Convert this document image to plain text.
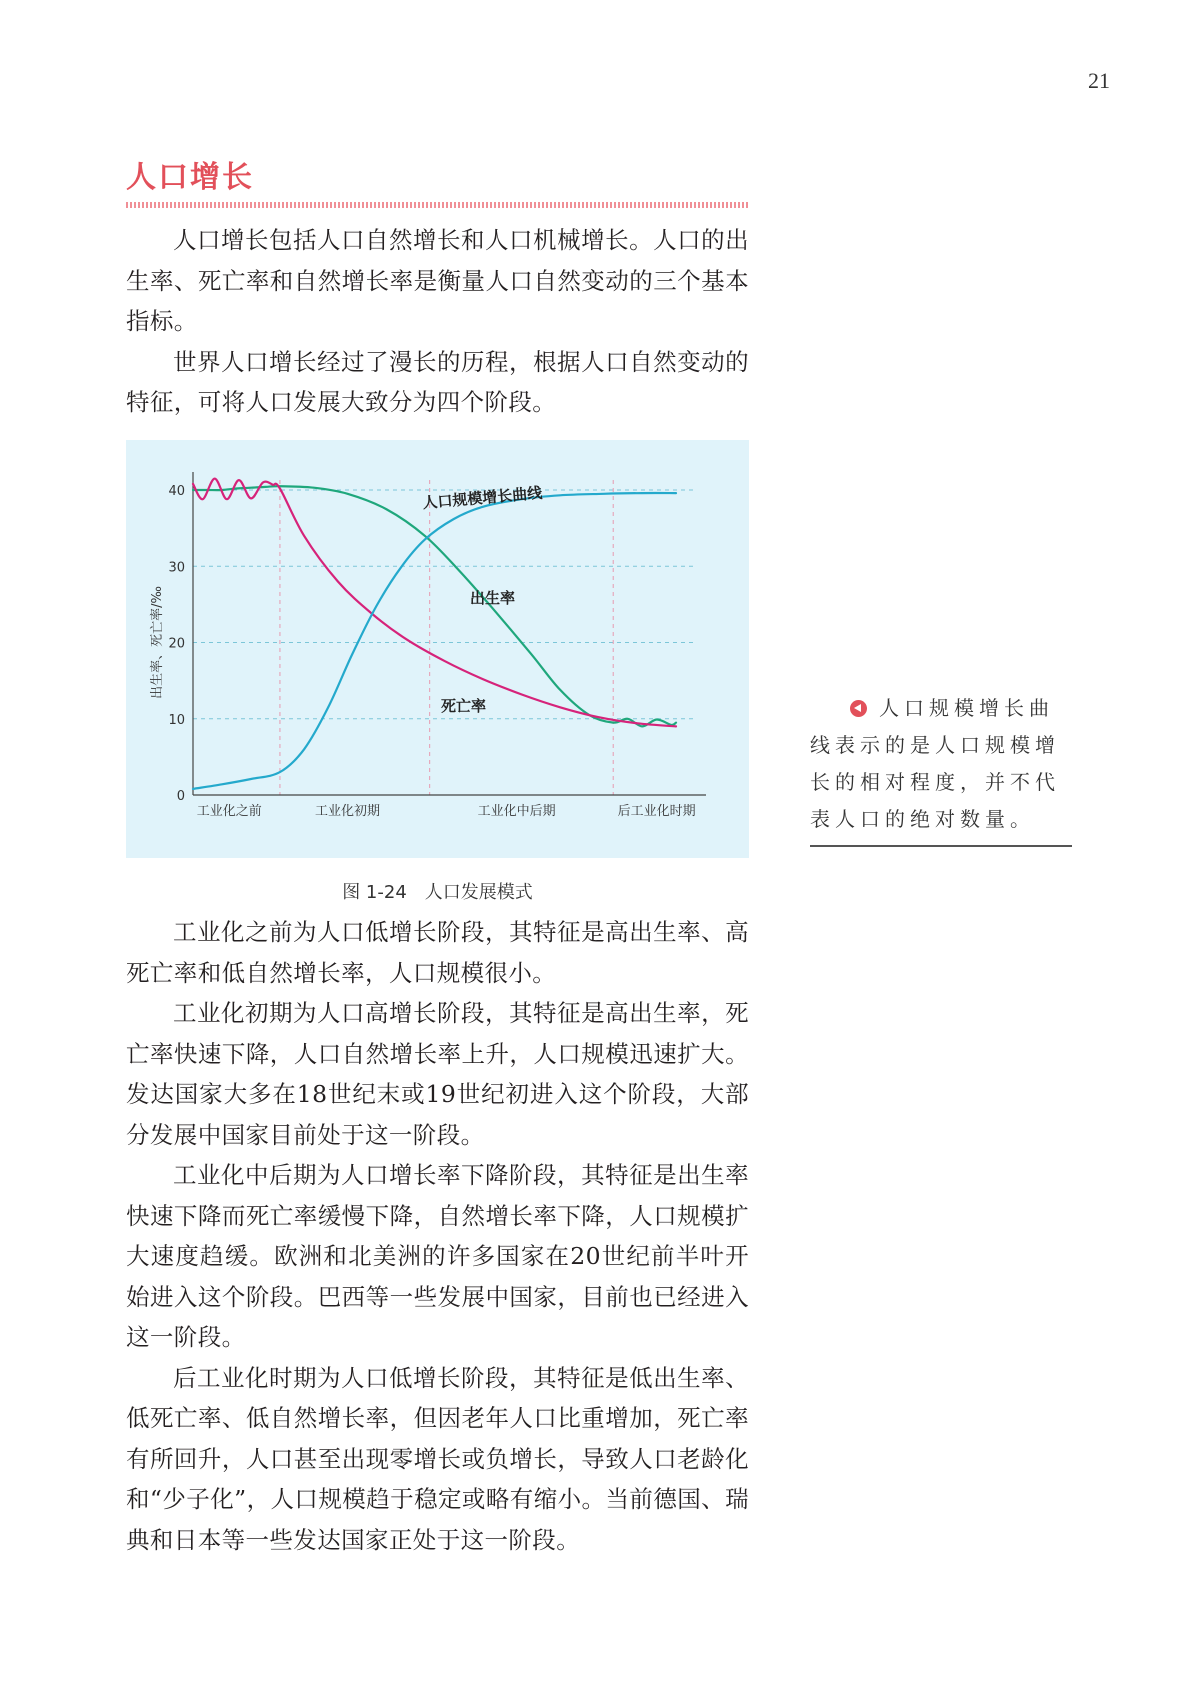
21
人口增长

人口增长包括人口自然增长和人口机械增长。人口的出生率、死亡率和自然增长率是衡量人口自然变动的三个基本指标。

世界人口增长经过了漫长的历程，根据人口自然变动的特征，可将人口发展大致分为四个阶段。

0
10
20
30
40
出生率、死亡率/‰
工业化之前	工业化初期	工业化中后期	后工业化时期
人口规模增长曲线
出生率
死亡率
图 1-24 人口发展模式

工业化之前为人口低增长阶段，其特征是高出生率、高死亡率和低自然增长率，人口规模很小。

工业化初期为人口高增长阶段，其特征是高出生率，死亡率快速下降，人口自然增长率上升，人口规模迅速扩大。发达国家大多在18世纪末或19世纪初进入这个阶段，大部分发展中国家目前处于这一阶段。

工业化中后期为人口增长率下降阶段，其特征是出生率快速下降而死亡率缓慢下降，自然增长率下降，人口规模扩大速度趋缓。欧洲和北美洲的许多国家在20世纪前半叶开始进入这个阶段。巴西等一些发展中国家，目前也已经进入这一阶段。

后工业化时期为人口低增长阶段，其特征是低出生率、低死亡率、低自然增长率，但因老年人口比重增加，死亡率有所回升，人口甚至出现零增长或负增长，导致人口老龄化和“少子化”，人口规模趋于稳定或略有缩小。当前德国、瑞典和日本等一些发达国家正处于这一阶段。

人口规模增长曲线表示的是人口规模增长的相对程度，并不代表人口的绝对数量。
